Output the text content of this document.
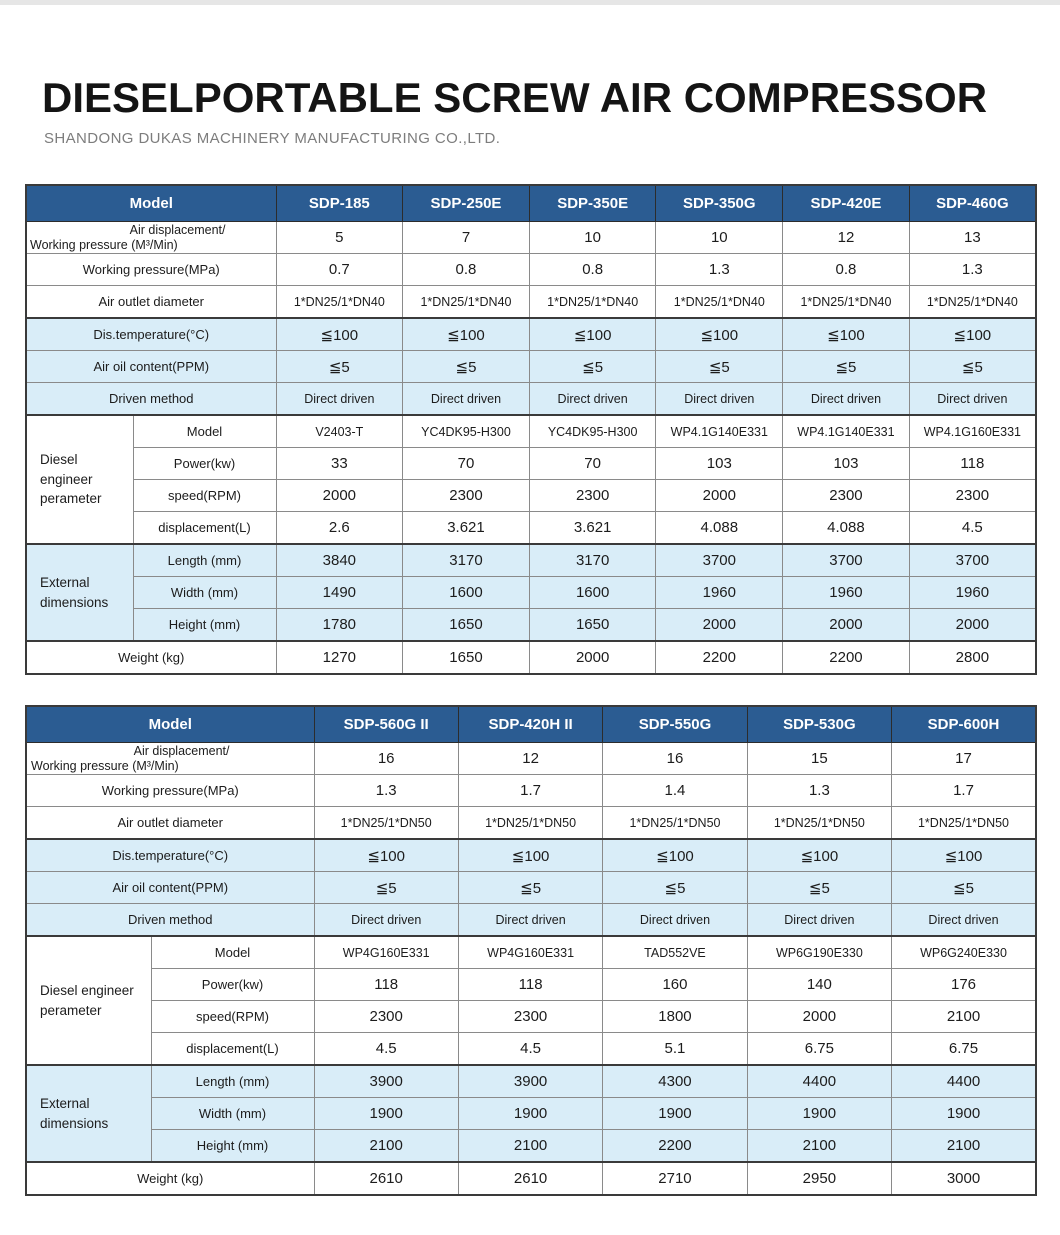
DIESELPORTABLE SCREW AIR COMPRESSOR
SHANDONG DUKAS MACHINERY MANUFACTURING CO.,LTD.
Model		SDP-185	SDP-250E	SDP-350E	SDP-350G	SDP-420E	SDP-460G

Air displacement/
Working pressure (M³/Min)		5	7	10	10	12	13
Working pressure(MPa)		0.7	0.8	0.8	1.3	0.8	1.3
Air outlet diameter		1*DN25/1*DN40	1*DN25/1*DN40	1*DN25/1*DN40	1*DN25/1*DN40	1*DN25/1*DN40	1*DN25/1*DN40
Dis.temperature(°C)		≦100	≦100	≦100	≦100	≦100	≦100
Air oil content(PPM)		≦5	≦5	≦5	≦5	≦5	≦5
Driven method		Direct driven	Direct driven	Direct driven	Direct driven	Direct driven	Direct driven
Diesel engineer perameter	Model	V2403-T	YC4DK95-H300	YC4DK95-H300	WP4.1G140E331	WP4.1G140E331	WP4.1G160E331
	Power(kw)	33	70	70	103	103	118
	speed(RPM)	2000	2300	2300	2000	2300	2300
	displacement(L)	2.6	3.621	3.621	4.088	4.088	4.5
External dimensions	Length (mm)	3840	3170	3170	3700	3700	3700
	Width (mm)	1490	1600	1600	1960	1960	1960
	Height (mm)	1780	1650	1650	2000	2000	2000
Weight (kg)		1270	1650	2000	2200	2200	2800
Model		SDP-560G II	SDP-420H II	SDP-550G	SDP-530G	SDP-600H

Air displacement/
Working pressure (M³/Min)		16	12	16	15	17
Working pressure(MPa)		1.3	1.7	1.4	1.3	1.7
Air outlet diameter		1*DN25/1*DN50	1*DN25/1*DN50	1*DN25/1*DN50	1*DN25/1*DN50	1*DN25/1*DN50
Dis.temperature(°C)		≦100	≦100	≦100	≦100	≦100
Air oil content(PPM)		≦5	≦5	≦5	≦5	≦5
Driven method		Direct driven	Direct driven	Direct driven	Direct driven	Direct driven
Diesel engineer perameter	Model	WP4G160E331	WP4G160E331	TAD552VE	WP6G190E330	WP6G240E330
	Power(kw)	118	118	160	140	176
	speed(RPM)	2300	2300	1800	2000	2100
	displacement(L)	4.5	4.5	5.1	6.75	6.75
External dimensions	Length (mm)	3900	3900	4300	4400	4400
	Width (mm)	1900	1900	1900	1900	1900
	Height (mm)	2100	2100	2200	2100	2100
Weight (kg)		2610	2610	2710	2950	3000
